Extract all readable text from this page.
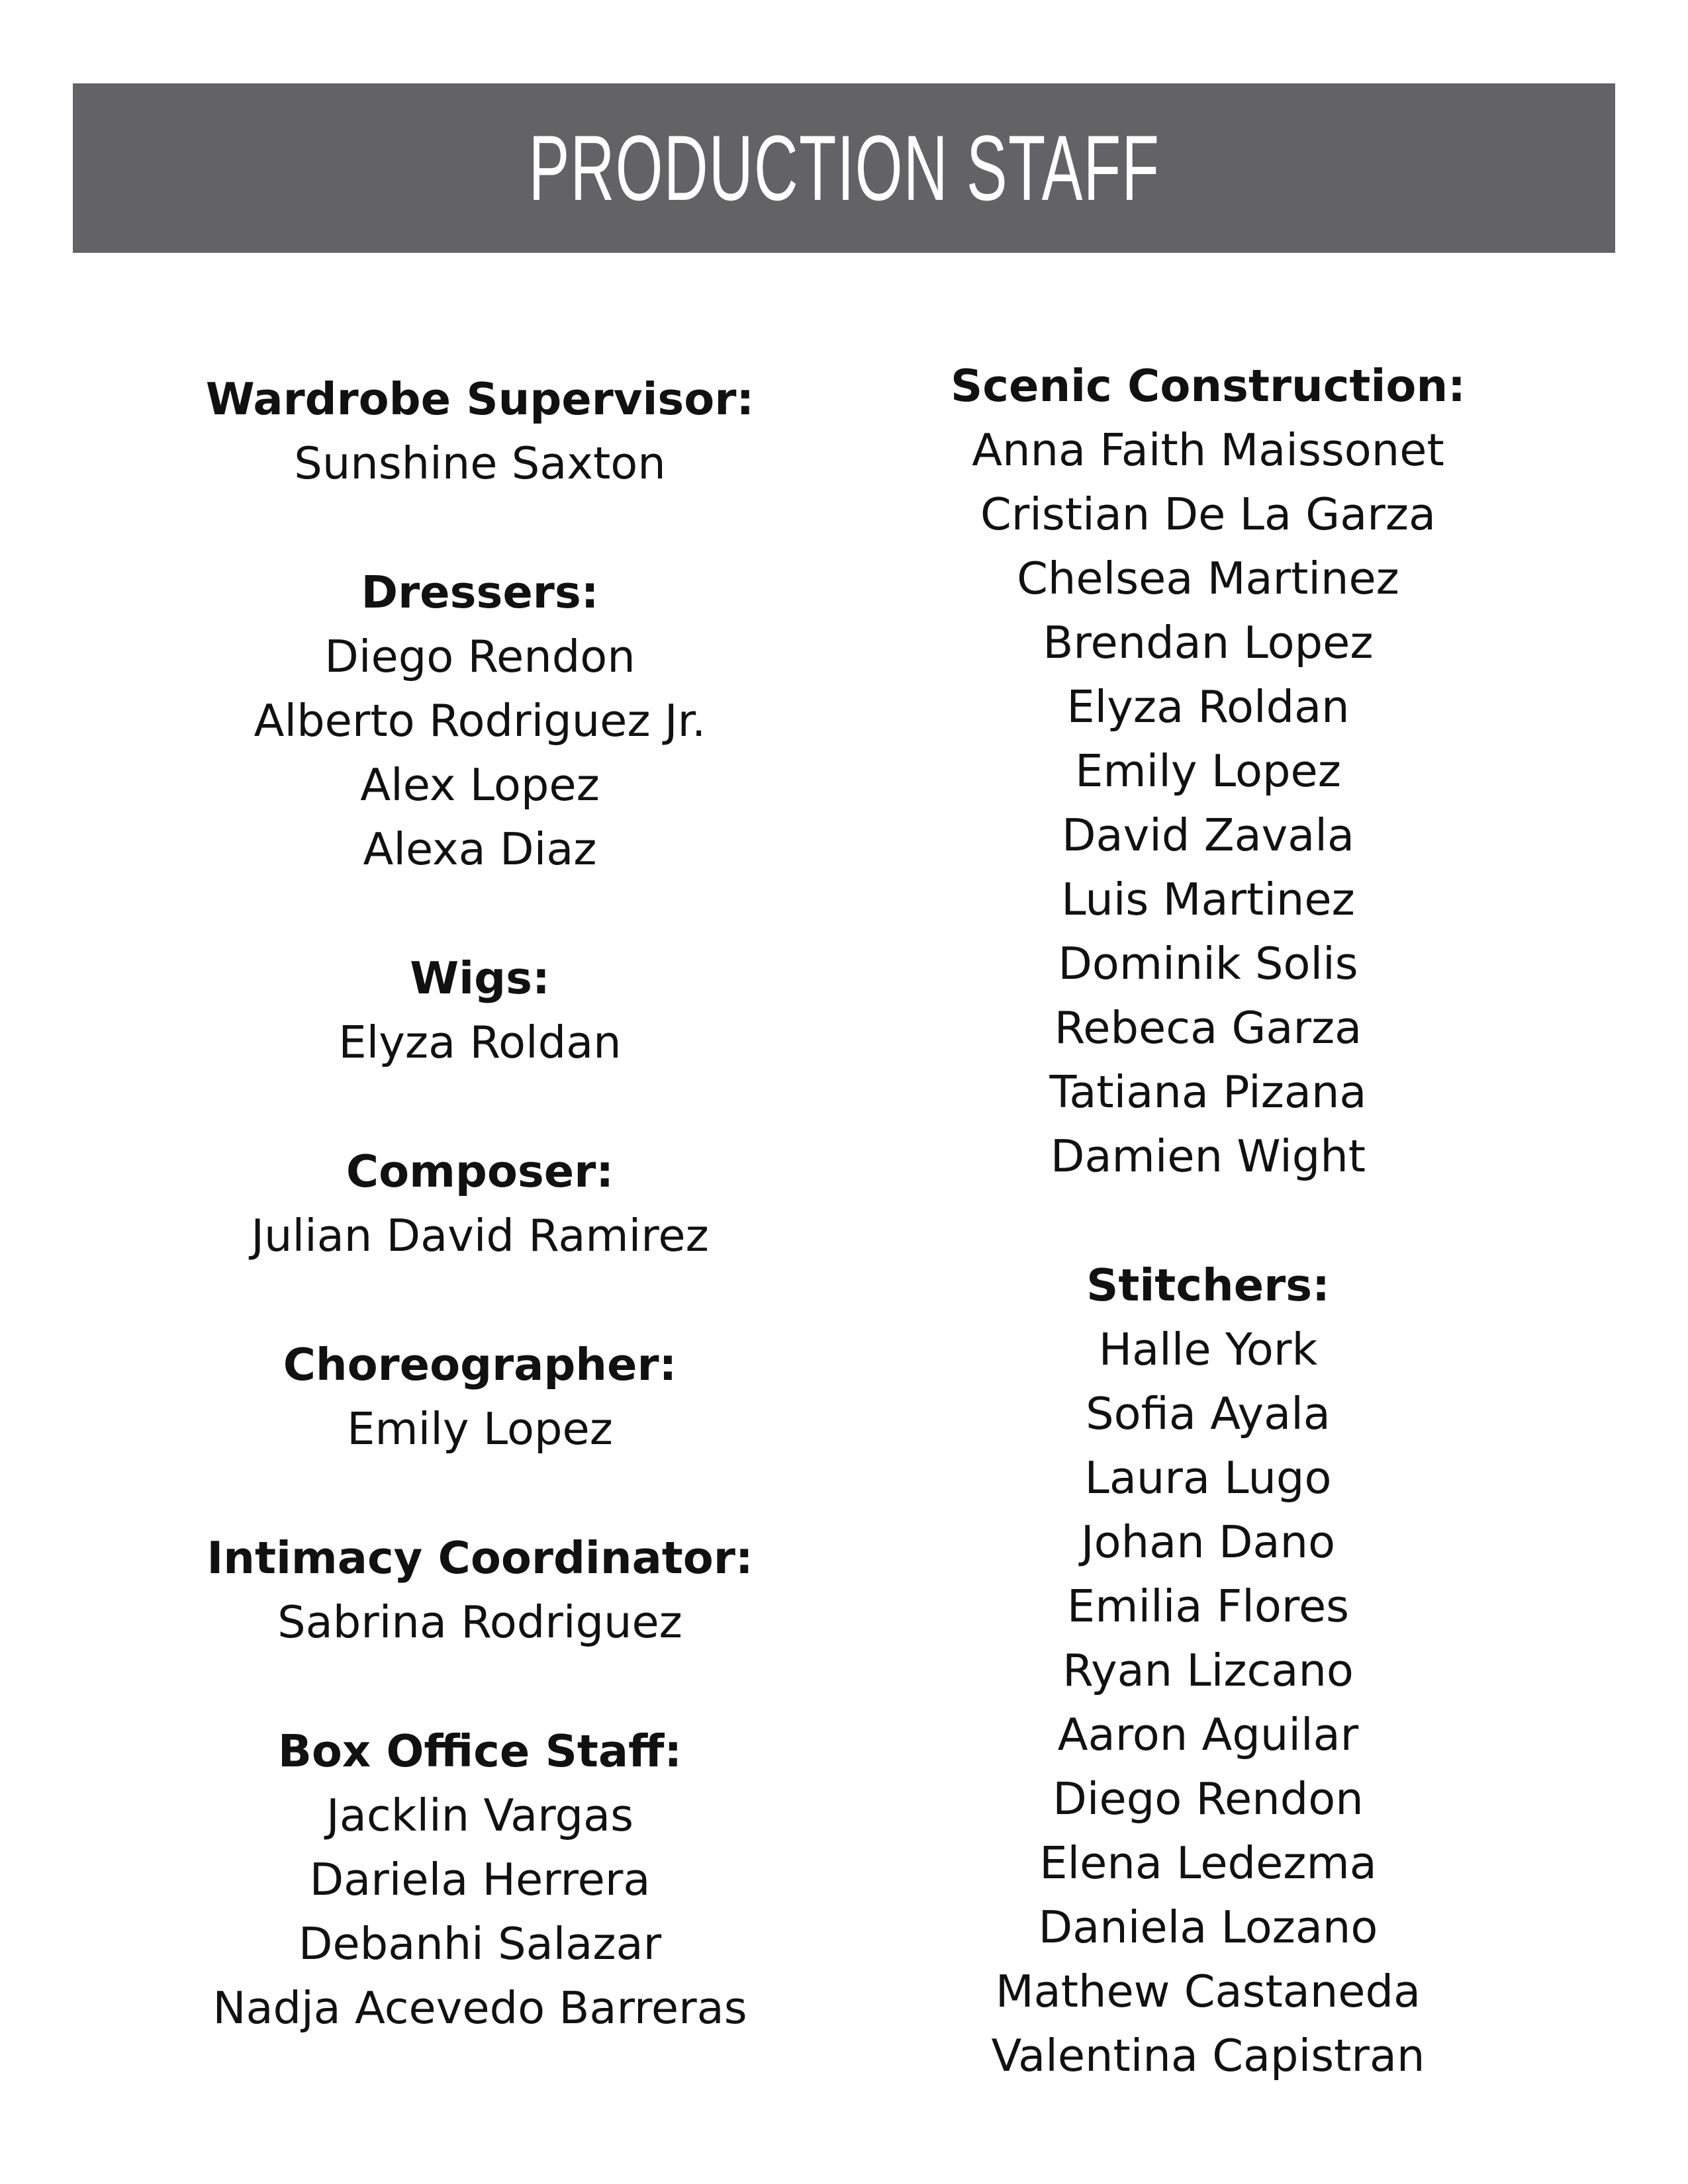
PRODUCTION STAFF
Wardrobe Supervisor:
Sunshine Saxton
Dressers:
Diego Rendon
Alberto Rodriguez Jr.
Alex Lopez
Alexa Diaz
Wigs:
Elyza Roldan
Composer:
Julian David Ramirez
Choreographer:
Emily Lopez
Intimacy Coordinator:
Sabrina Rodriguez
Box Office Staff:
Jacklin Vargas
Dariela Herrera
Debanhi Salazar
Nadja Acevedo Barreras
Scenic Construction:
Anna Faith Maissonet
Cristian De La Garza
Chelsea Martinez
Brendan Lopez
Elyza Roldan
Emily Lopez
David Zavala
Luis Martinez
Dominik Solis
Rebeca Garza
Tatiana Pizana
Damien Wight
Stitchers:
Halle York
Sofia Ayala
Laura Lugo
Johan Dano
Emilia Flores
Ryan Lizcano
Aaron Aguilar
Diego Rendon
Elena Ledezma
Daniela Lozano
Mathew Castaneda
Valentina Capistran
